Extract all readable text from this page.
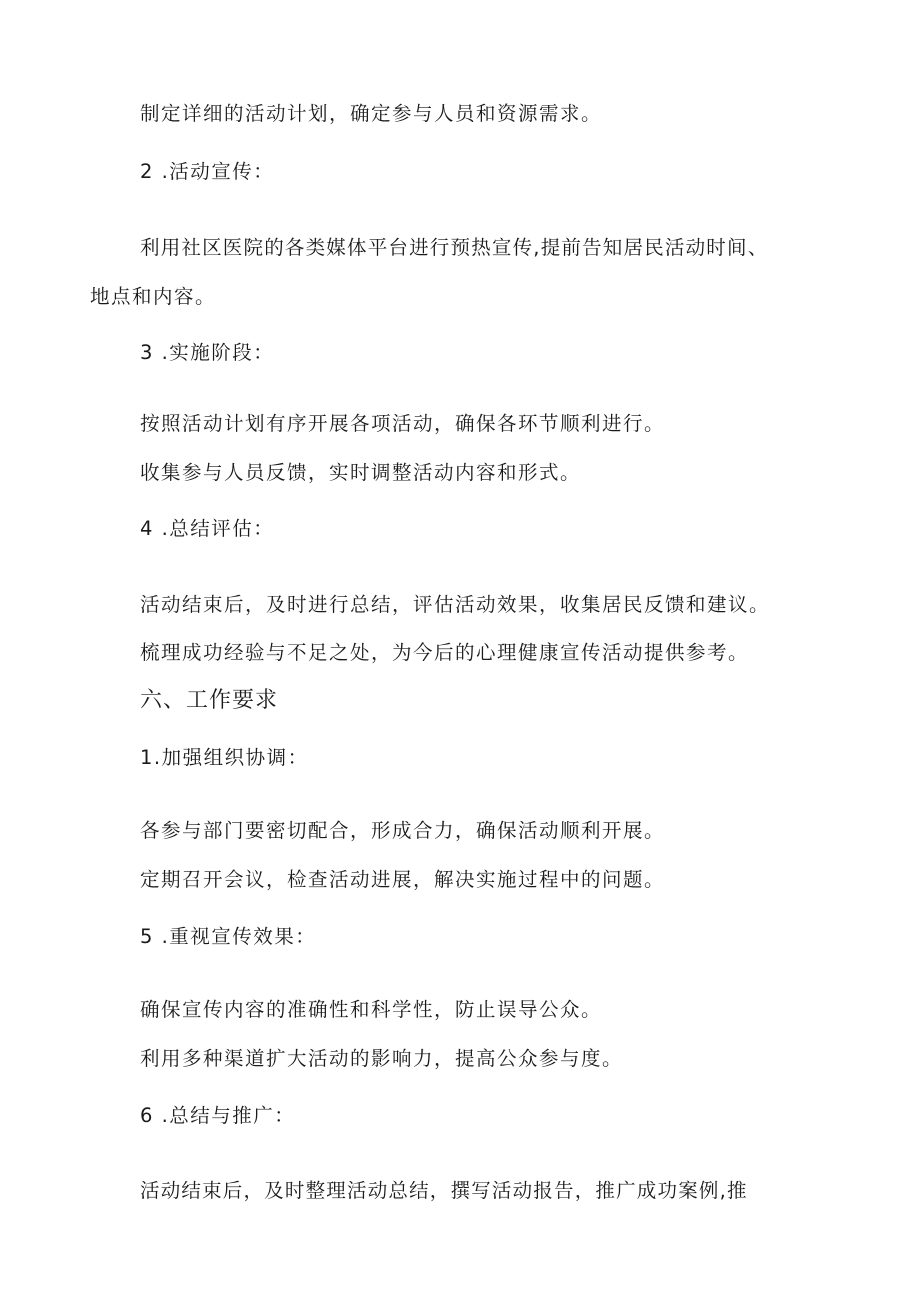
制定详细的活动计划，确定参与人员和资源需求。
2 .活动宣传：
利用社区医院的各类媒体平台进行预热宣传,提前告知居民活动时间、
地点和内容。
3 .实施阶段：
按照活动计划有序开展各项活动，确保各环节顺利进行。
收集参与人员反馈，实时调整活动内容和形式。
4 .总结评估：
活动结束后，及时进行总结，评估活动效果，收集居民反馈和建议。
梳理成功经验与不足之处，为今后的心理健康宣传活动提供参考。
六、工作要求
1.加强组织协调：
各参与部门要密切配合，形成合力，确保活动顺利开展。
定期召开会议，检查活动进展，解决实施过程中的问题。
5 .重视宣传效果：
确保宣传内容的准确性和科学性，防止误导公众。
利用多种渠道扩大活动的影响力，提高公众参与度。
6 .总结与推广：
活动结束后，及时整理活动总结，撰写活动报告，推广成功案例,推
